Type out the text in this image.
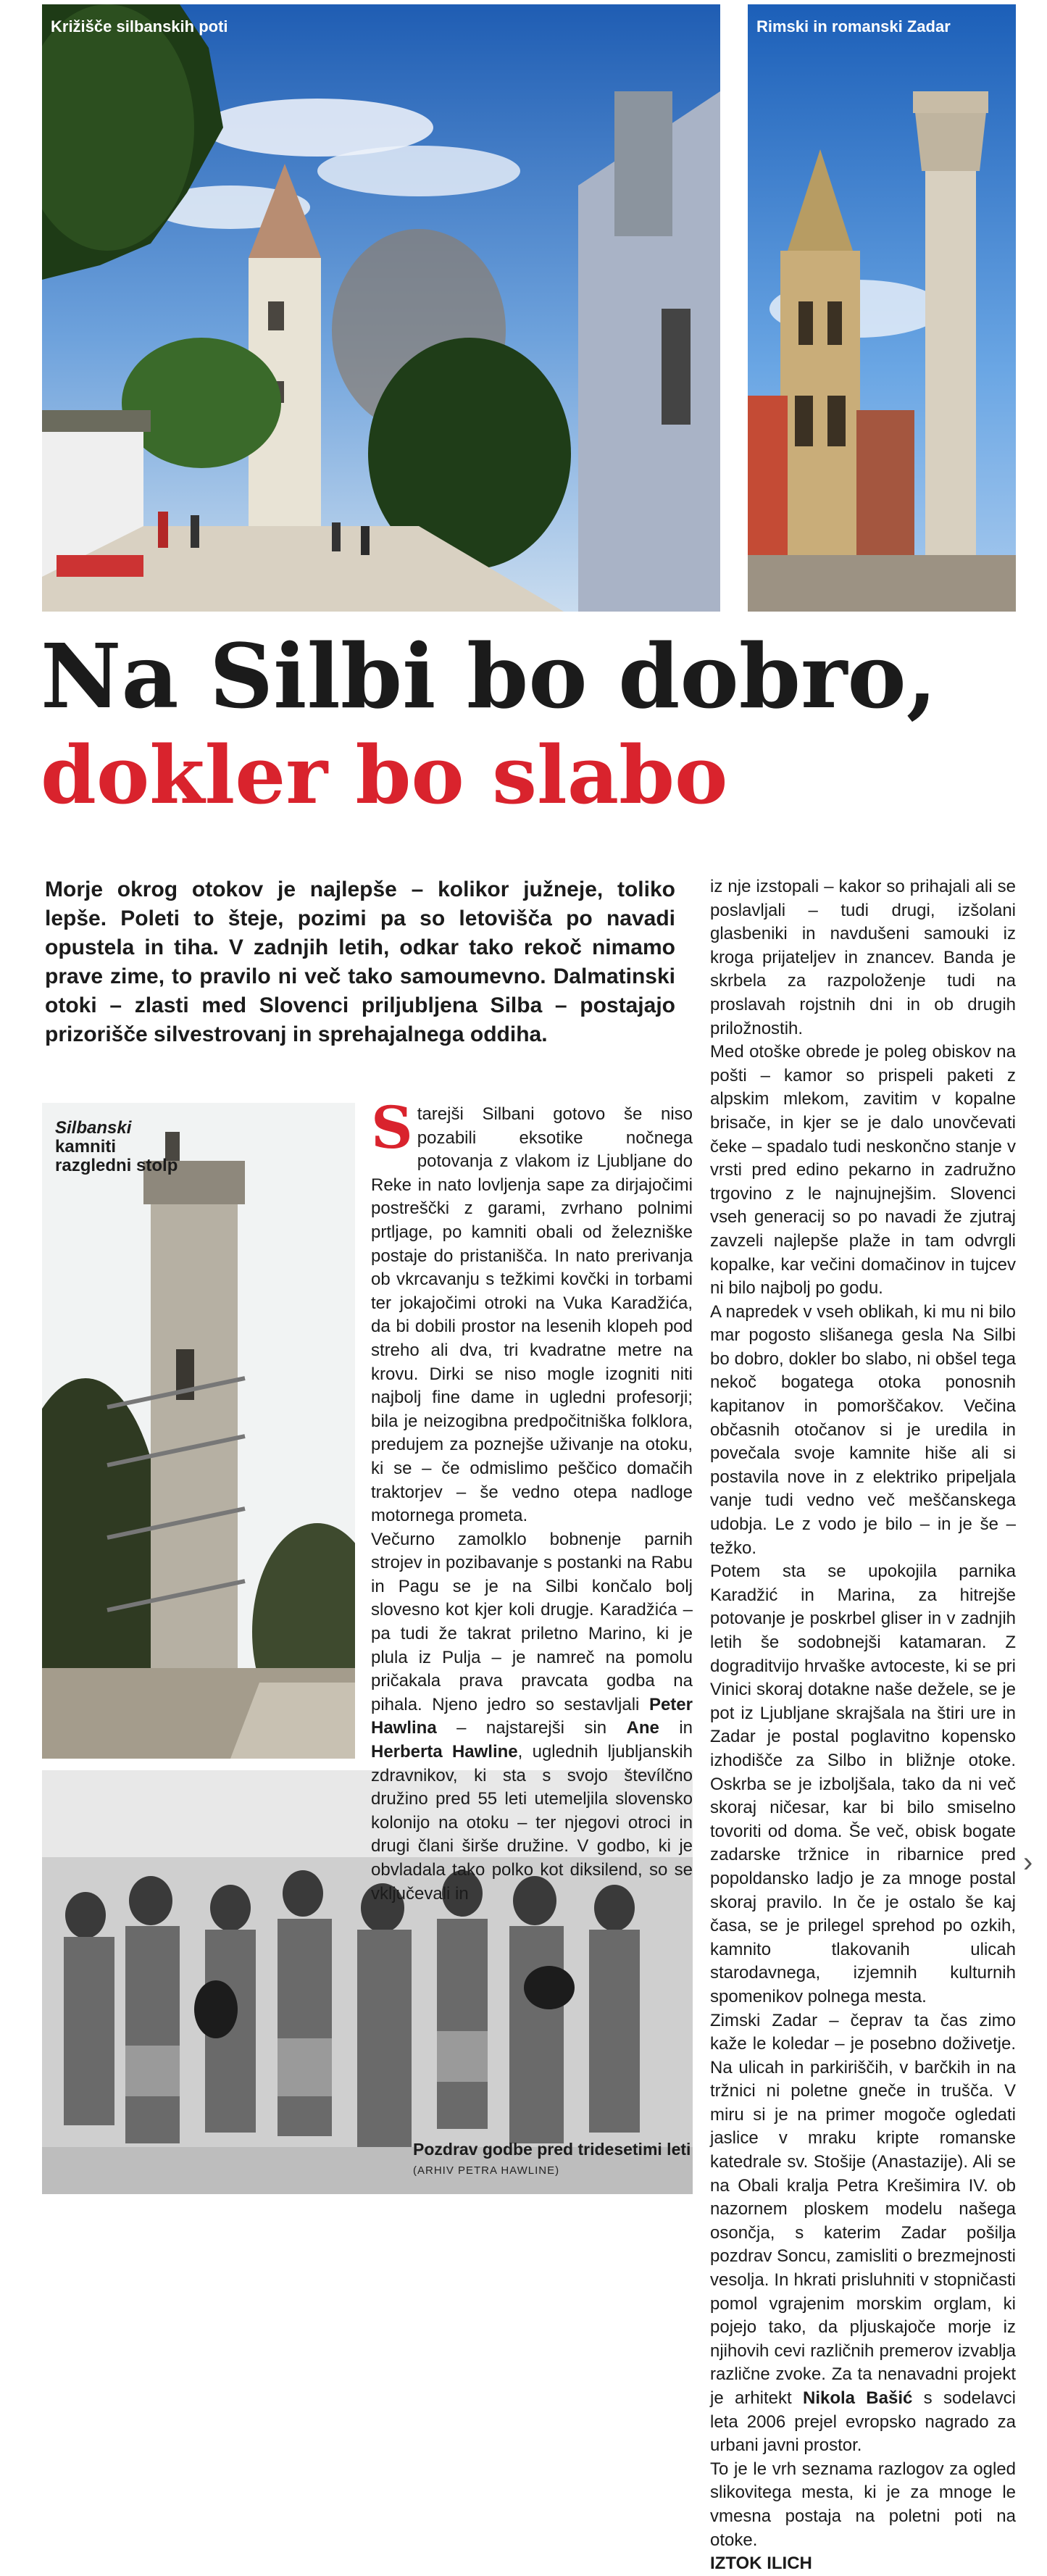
Križišče silbanskih poti	Rimski in romanski Zadar
Na Silbi bo dobro,
dokler bo slabo
Morje okrog otokov je najlepše – kolikor južneje, toliko lepše. Poleti to šteje, pozimi pa so letovišča po navadi opustela in tiha. V zadnjih letih, odkar tako rekoč nimamo prave zime, to pravilo ni več tako samoumevno. Dalmatinski otoki – zlasti med Slovenci priljubljena Silba – postajajo prizorišče silvestrovanj in sprehajalnega oddiha.
Silbanski
kamniti razgledni stolp
Pozdrav godbe pred tridesetimi leti
(ARHIV PETRA HAWLINE)

Starejši Silbani gotovo še niso pozabili eksotike nočnega potovanja z vlakom iz Ljubljane do Reke in nato lovljenja sape za dirjajočimi postreščki z garami, zvrhano polnimi prtljage, po kamniti obali od železniške postaje do pristanišča. In nato prerivanja ob vkrcavanju s težkimi kovčki in torbami ter jokajočimi otroki na Vuka Karadžića, da bi dobili prostor na lesenih klopeh pod streho ali dva, tri kvadratne metre na krovu. Dirki se niso mogle izogniti niti najbolj fine dame in ugledni profesorji; bila je neizogibna predpočitniška folklora, predujem za poznejše uživanje na otoku, ki se – če odmislimo peščico domačih traktorjev – še vedno otepa nadloge motornega prometa.

Večurno zamolklo bobnenje parnih strojev in pozibavanje s postanki na Rabu in Pagu se je na Silbi končalo bolj slovesno kot kjer koli drugje. Karadžića – pa tudi že takrat priletno Marino, ki je plula iz Pulja – je namreč na pomolu pričakala prava pravcata godba na pihala. Njeno jedro so sestavljali Peter Hawlina – najstarejši sin Ane in Herberta Hawline, uglednih ljubljanskih zdravnikov, ki sta s svojo števílčno družino pred 55 leti utemeljila slovensko kolonijo na otoku – ter njegovi otroci in drugi člani širše družine. V godbo, ki je obvladala tako polko kot diksilend, so se vključevali in

iz nje izstopali – kakor so prihajali ali se poslavljali – tudi drugi, izšolani glasbeniki in navdušeni samouki iz kroga prijateljev in znancev. Banda je skrbela za razpoloženje tudi na proslavah rojstnih dni in ob drugih priložnostih.

Med otoške obrede je poleg obiskov na pošti – kamor so prispeli paketi z alpskim mlekom, zavitim v kopalne brisače, in kjer se je dalo unovčevati čeke – spadalo tudi neskončno stanje v vrsti pred edino pekarno in zadružno trgovino z le najnujnejšim. Slovenci vseh generacij so po navadi že zjutraj zavzeli najlepše plaže in tam odvrgli kopalke, kar večini domačinov in tujcev ni bilo najbolj po godu.

A napredek v vseh oblikah, ki mu ni bilo mar pogosto slišanega gesla Na Silbi bo dobro, dokler bo slabo, ni obšel tega nekoč bogatega otoka ponosnih kapitanov in pomorščakov. Večina občasnih otočanov si je uredila in povečala svoje kamnite hiše ali si postavila nove in z elektriko pripeljala vanje tudi vedno več meščanskega udobja. Le z vodo je bilo – in je še – težko.

Potem sta se upokojila parnika Karadžić in Marina, za hitrejše potovanje je poskrbel gliser in v zadnjih letih še sodobnejši katamaran. Z dograditvijo hrvaške avtoceste, ki se pri Vinici skoraj dotakne naše dežele, se je pot iz Ljubljane skrajšala na štiri ure in Zadar je postal poglavitno kopensko izhodišče za Silbo in bližnje otoke. Oskrba se je izboljšala, tako da ni več skoraj ničesar, kar bi bilo smiselno tovoriti od doma. Še več, obisk bogate zadarske tržnice in ribarnice pred popoldansko ladjo je za mnoge postal skoraj pravilo. In če je ostalo še kaj časa, se je prilegel sprehod po ozkih, kamnito tlakovanih ulicah starodavnega, izjemnih kulturnih spomenikov polnega mesta.

Zimski Zadar – čeprav ta čas zimo kaže le koledar – je posebno doživetje. Na ulicah in parkiriščih, v barčkih in na tržnici ni poletne gneče in trušča. V miru si je na primer mogoče ogledati jaslice v mraku kripte romanske katedrale sv. Stošije (Anastazije). Ali se na Obali kralja Petra Krešimira IV. ob nazornem ploskem modelu našega osončja, s katerim Zadar pošilja pozdrav Soncu, zamisliti o brezmejnosti vesolja. In hkrati prisluhniti v stopničasti pomol vgrajenim morskim orglam, ki pojejo tako, da pljuskajoče morje iz njihovih cevi različnih premerov izvablja različne zvoke. Za ta nenavadni projekt je arhitekt Nikola Bašić s sodelavci leta 2006 prejel evropsko nagrado za urbani javni prostor.

To je le vrh seznama razlogov za ogled slikovitega mesta, ki je za mnoge le vmesna postaja na poletni poti na otoke.

IZTOK ILICH
›
